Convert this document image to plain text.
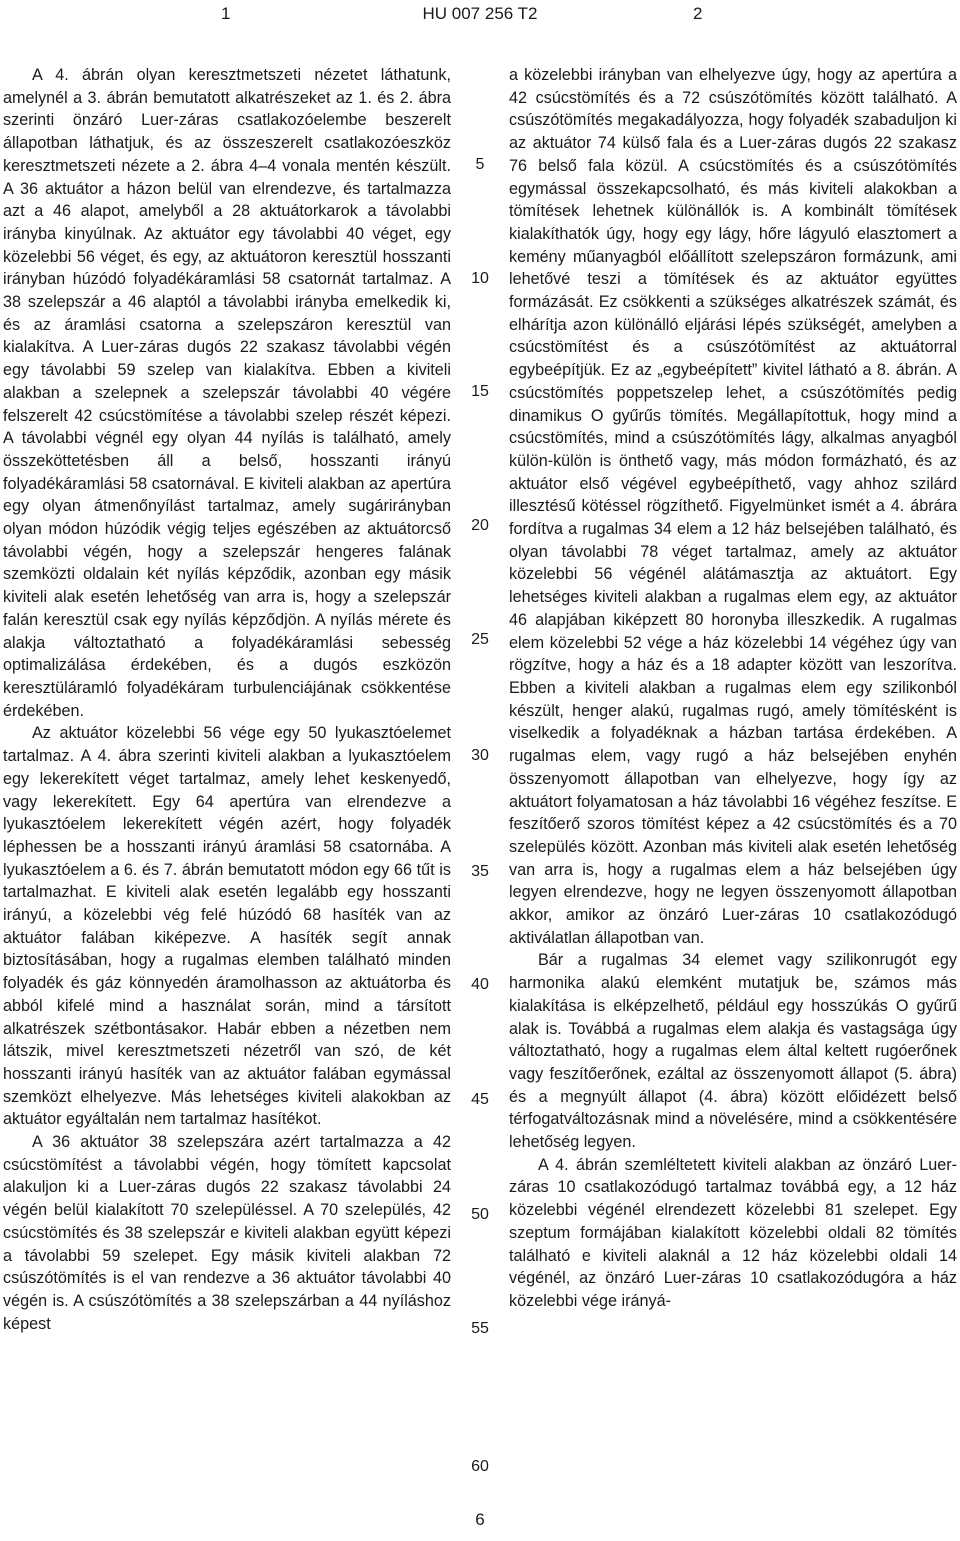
1	HU 007 256 T2	2

A 4. ábrán olyan keresztmetszeti nézetet láthatunk, amelynél a 3. ábrán bemutatott alkatrészeket az 1. és 2. ábra szerinti önzáró Luer-záras csatlakozóelembe beszerelt állapotban láthatjuk, és az összeszerelt csatlakozóeszköz keresztmetszeti nézete a 2. ábra 4–4 vonala mentén készült. A 36 aktuátor a házon belül van elrendezve, és tartalmazza azt a 46 alapot, amelyből a 28 aktuátorkarok a távolabbi irányba kinyúlnak. Az aktuátor egy távolabbi 40 véget, egy közelebbi 56 véget, és egy, az aktuátoron keresztül hosszanti irányban húzódó folyadékáramlási 58 csatornát tartalmaz. A 38 szelepszár a 46 alaptól a távolabbi irányba emelkedik ki, és az áramlási csatorna a szelepszáron keresztül van kialakítva. A Luer-záras dugós 22 szakasz távolabbi végén egy távolabbi 59 szelep van kialakítva. Ebben a kiviteli alakban a szelepnek a szelepszár távolabbi 40 végére felszerelt 42 csúcstömítése a távolabbi szelep részét képezi. A távolabbi végnél egy olyan 44 nyílás is található, amely összeköttetésben áll a belső, hosszanti irányú folyadékáramlási 58 csatornával. E kiviteli alakban az apertúra egy olyan átmenőnyílást tartalmaz, amely sugárirányban olyan módon húzódik végig teljes egészében az aktuátorcső távolabbi végén, hogy a szelepszár hengeres falának szemközti oldalain két nyílás képződik, azonban egy másik kiviteli alak esetén lehetőség van arra is, hogy a szelepszár falán keresztül csak egy nyílás képződjön. A nyílás mérete és alakja változtatható a folyadékáramlási sebesség optimalizálása érdekében, és a dugós eszközön keresztüláramló folyadékáram turbulenciájának csökkentése érdekében.

Az aktuátor közelebbi 56 vége egy 50 lyukasztóelemet tartalmaz. A 4. ábra szerinti kiviteli alakban a lyukasztóelem egy lekerekített véget tartalmaz, amely lehet keskenyedő, vagy lekerekített. Egy 64 apertúra van elrendezve a lyukasztóelem lekerekített végén azért, hogy folyadék léphessen be a hosszanti irányú áramlási 58 csatornába. A lyukasztóelem a 6. és 7. ábrán bemutatott módon egy 66 tűt is tartalmazhat. E kiviteli alak esetén legalább egy hosszanti irányú, a közelebbi vég felé húzódó 68 hasíték van az aktuátor falában kiképezve. A hasíték segít annak biztosításában, hogy a rugalmas elemben található minden folyadék és gáz könnyedén áramolhasson az aktuátorba és abból kifelé mind a használat során, mind a társított alkatrészek szétbontásakor. Habár ebben a nézetben nem látszik, mivel keresztmetszeti nézetről van szó, de két hosszanti irányú hasíték van az aktuátor falában egymással szemközt elhelyezve. Más lehetséges kiviteli alakokban az aktuátor egyáltalán nem tartalmaz hasítékot.

A 36 aktuátor 38 szelepszára azért tartalmazza a 42 csúcstömítést a távolabbi végén, hogy tömített kapcsolat alakuljon ki a Luer-záras dugós 22 szakasz távolabbi 24 végén belül kialakított 70 szelepüléssel. A 70 szelepülés, 42 csúcstömítés és 38 szelepszár e kiviteli alakban együtt képezi a távolabbi 59 szelepet. Egy másik kiviteli alakban 72 csúszótömítés is el van rendezve a 36 aktuátor távolabbi 40 végén is. A csúszótömítés a 38 szelepszárban a 44 nyíláshoz képest

5
10
15
20
25
30
35
40
45
50
55
60

a közelebbi irányban van elhelyezve úgy, hogy az apertúra a 42 csúcstömítés és a 72 csúszótömítés között található. A csúszótömítés megakadályozza, hogy folyadék szabaduljon ki az aktuátor 74 külső fala és a Luer-záras dugós 22 szakasz 76 belső fala közül. A csúcstömítés és a csúszótömítés egymással összekapcsolható, és más kiviteli alakokban a tömítések lehetnek különállók is. A kombinált tömítések kialakíthatók úgy, hogy egy lágy, hőre lágyuló elasztomert a kemény műanyagból előállított szelepszáron formázunk, ami lehetővé teszi a tömítések és az aktuátor együttes formázását. Ez csökkenti a szükséges alkatrészek számát, és elhárítja azon különálló eljárási lépés szükségét, amelyben a csúcstömítést és a csúszótömítést az aktuátorral egybeépítjük. Ez az „egybeépített” kivitel látható a 8. ábrán. A csúcstömítés poppetszelep lehet, a csúszótömítés pedig dinamikus O gyűrűs tömítés. Megállapítottuk, hogy mind a csúcstömítés, mind a csúszótömítés lágy, alkalmas anyagból külön-külön is önthető vagy, más módon formázható, és az aktuátor első végével egybeépíthető, vagy ahhoz szilárd illesztésű kötéssel rögzíthető. Figyelmünket ismét a 4. ábrára fordítva a rugalmas 34 elem a 12 ház belsejében található, és olyan távolabbi 78 véget tartalmaz, amely az aktuátor közelebbi 56 végénél alátámasztja az aktuátort. Egy lehetséges kiviteli alakban a rugalmas elem egy, az aktuátor 46 alapjában kiképzett 80 horonyba illeszkedik. A rugalmas elem közelebbi 52 vége a ház közelebbi 14 végéhez úgy van rögzítve, hogy a ház és a 18 adapter között van leszorítva. Ebben a kiviteli alakban a rugalmas elem egy szilikonból készült, henger alakú, rugalmas rugó, amely tömítésként is viselkedik a folyadéknak a házban tartása érdekében. A rugalmas elem, vagy rugó a ház belsejében enyhén összenyomott állapotban van elhelyezve, hogy így az aktuátort folyamatosan a ház távolabbi 16 végéhez feszítse. E feszítőerő szoros tömítést képez a 42 csúcstömítés és a 70 szelepülés között. Azonban más kiviteli alak esetén lehetőség van arra is, hogy a rugalmas elem a ház belsejében úgy legyen elrendezve, hogy ne legyen összenyomott állapotban akkor, amikor az önzáró Luer-záras 10 csatlakozódugó aktiválatlan állapotban van.

Bár a rugalmas 34 elemet vagy szilikonrugót egy harmonika alakú elemként mutatjuk be, számos más kialakítása is elképzelhető, például egy hosszúkás O gyűrű alak is. Továbbá a rugalmas elem alakja és vastagsága úgy változtatható, hogy a rugalmas elem által keltett rugóerőnek vagy feszítőerőnek, ezáltal az összenyomott állapot (5. ábra) és a megnyúlt állapot (4. ábra) között előidézett belső térfogatváltozásnak mind a növelésére, mind a csökkentésére lehetőség legyen.

A 4. ábrán szemléltetett kiviteli alakban az önzáró Luer-záras 10 csatlakozódugó tartalmaz továbbá egy, a 12 ház közelebbi végénél elrendezett közelebbi 81 szelepet. Egy szeptum formájában kialakított közelebbi oldali 82 tömítés található e kiviteli alaknál a 12 ház közelebbi oldali 14 végénél, az önzáró Luer-záras 10 csatlakozódugóra a ház közelebbi vége irányá-

6
